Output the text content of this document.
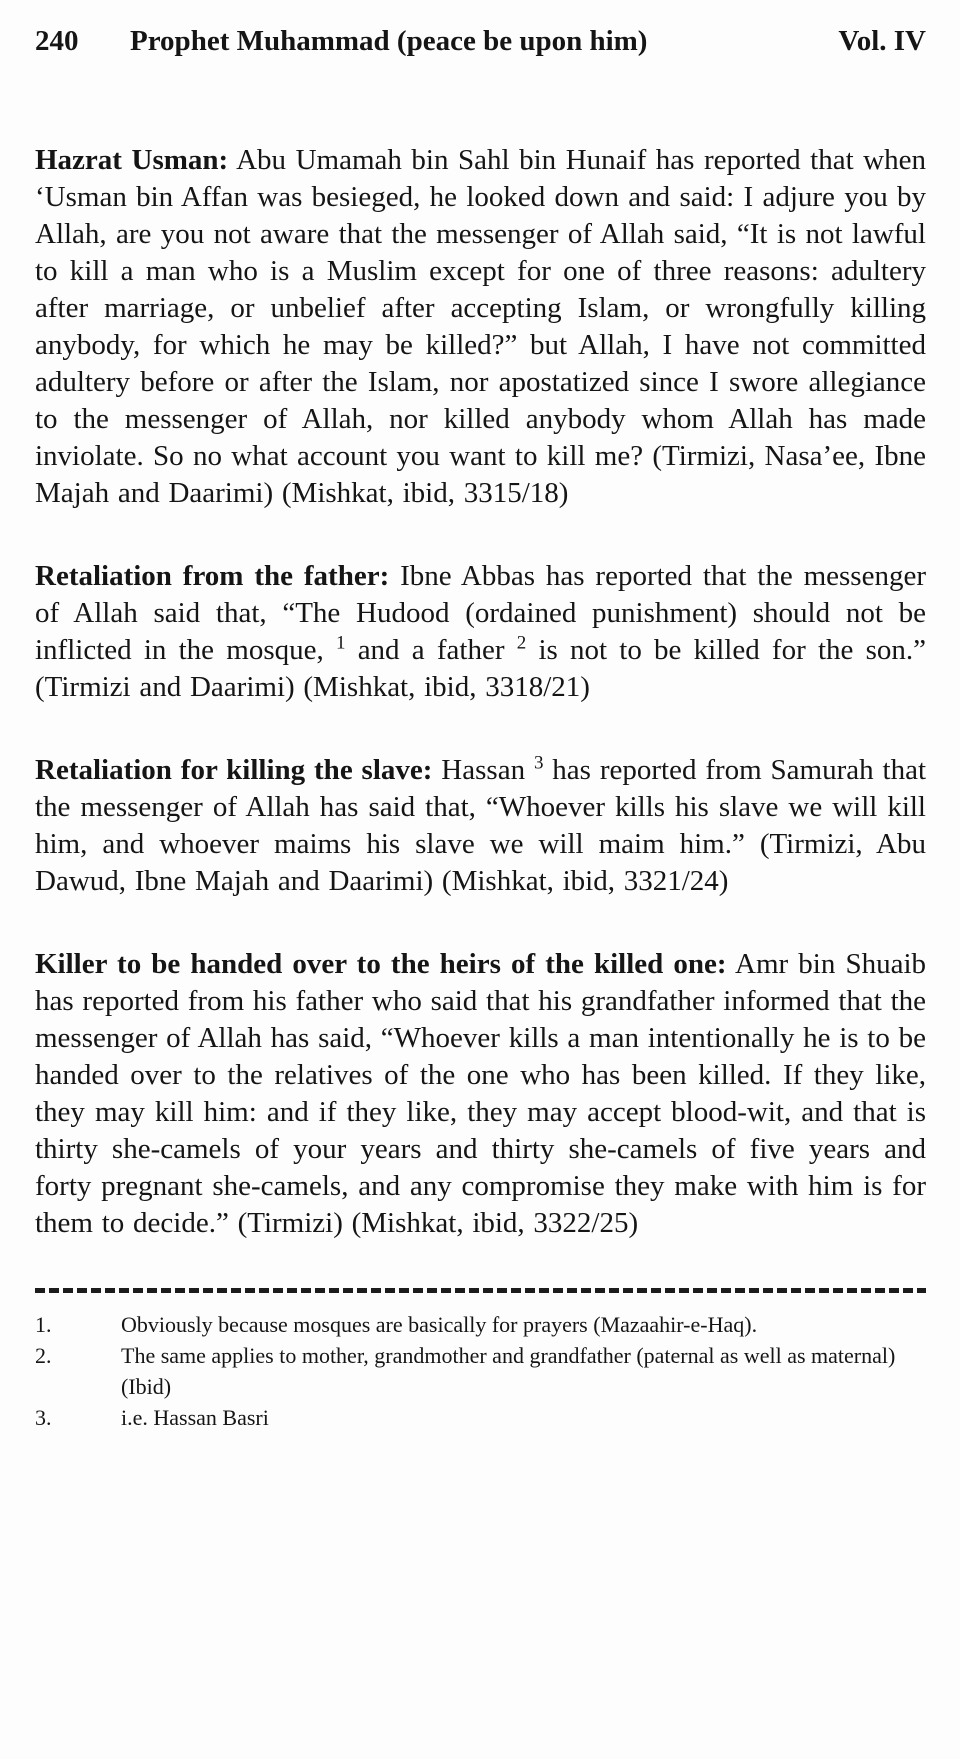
240	Prophet Muhammad (peace be upon him)	Vol. IV

Hazrat Usman: Abu Umamah bin Sahl bin Hunaif has reported that when ‘Usman bin Affan was besieged, he looked down and said: I adjure you by Allah, are you not aware that the messenger of Allah said, “It is not lawful to kill a man who is a Muslim except for one of three reasons: adultery after marriage, or unbelief after accepting Islam, or wrongfully killing anybody, for which he may be killed?” but Allah, I have not committed adultery before or after the Islam, nor apostatized since I swore allegiance to the messenger of Allah, nor killed anybody whom Allah has made inviolate. So no what account you want to kill me? (Tirmizi, Nasa’ee, Ibne Majah and Daarimi) (Mishkat, ibid, 3315/18)

Retaliation from the father: Ibne Abbas has reported that the messenger of Allah said that, “The Hudood (ordained punishment) should not be inflicted in the mosque, $^1$ and a father $^2$ is not to be killed for the son.” (Tirmizi and Daarimi) (Mishkat, ibid, 3318/21)

Retaliation for killing the slave: Hassan $^3$ has reported from Samurah that the messenger of Allah has said that, “Whoever kills his slave we will kill him, and whoever maims his slave we will maim him.” (Tirmizi, Abu Dawud, Ibne Majah and Daarimi) (Mishkat, ibid, 3321/24)

Killer to be handed over to the heirs of the killed one: Amr bin Shuaib has reported from his father who said that his grandfather informed that the messenger of Allah has said, “Whoever kills a man intentionally he is to be handed over to the relatives of the one who has been killed. If they like, they may kill him: and if they like, they may accept blood-wit, and that is thirty she-camels of your years and thirty she-camels of five years and forty pregnant she-camels, and any compromise they make with him is for them to decide.” (Tirmizi) (Mishkat, ibid, 3322/25)

1.	Obviously because mosques are basically for prayers (Mazaahir-e-Haq).
2.	The same applies to mother, grandmother and grandfather (paternal as well as maternal) (Ibid)
3.	i.e. Hassan Basri
